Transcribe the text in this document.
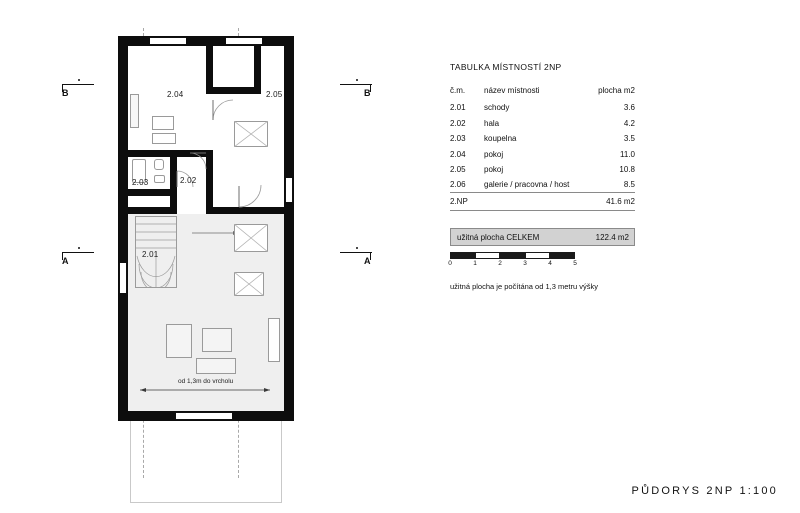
od 1,3m do vrcholu
2.04	2.05
2.03	2.02
2.01
B	B
A	A
TABULKA MÍSTNOSTÍ 2NP
č.m.	název místnosti	plocha m2
2.01	schody	3.6
2.02	hala	4.2
2.03	koupelna	3.5
2.04	pokoj	11.0
2.05	pokoj	10.8
2.06	galerie / pracovna / host	8.5
2.NP		41.6 m2
užitná plocha CELKEM	122.4 m2
0	1	2	3	4	5
užitná plocha je počítána od 1,3 metru výšky
PŮDORYS 2NP 1:100
